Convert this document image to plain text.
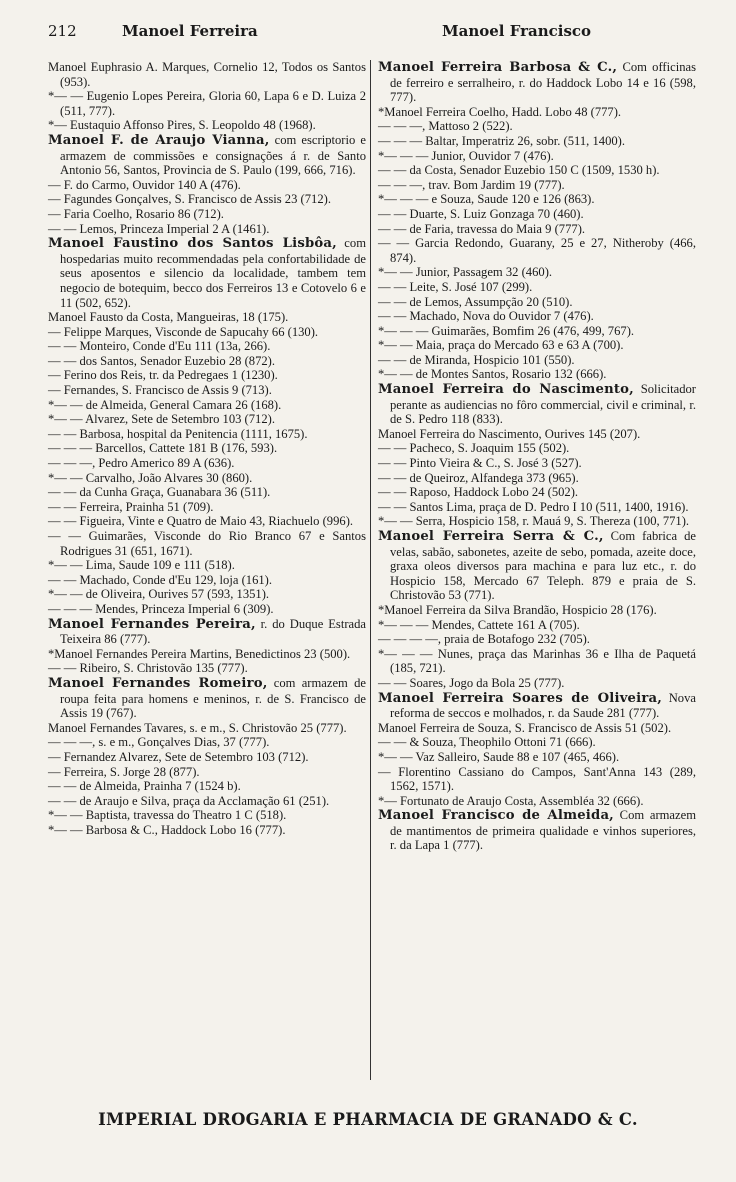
212	Manoel Ferreira	Manoel Francisco

Manoel Euphrasio A. Marques, Cornelio 12, Todos os Santos (953).

*— — Eugenio Lopes Pereira, Gloria 60, Lapa 6 e D. Luiza 2 (511, 777).

*— Eustaquio Affonso Pires, S. Leopoldo 48 (1968).

Manoel F. de Araujo Vianna, com escriptorio e armazem de commissões e consignações á r. de Santo Antonio 56, Santos, Provincia de S. Paulo (199, 666, 716).

— F. do Carmo, Ouvidor 140 A (476).

— Fagundes Gonçalves, S. Francisco de Assis 23 (712).

— Faria Coelho, Rosario 86 (712).

— — Lemos, Princeza Imperial 2 A (1461).

Manoel Faustino dos Santos Lisbôa, com hospedarias muito recommendadas pela confortabilidade de seus aposentos e silencio da localidade, tambem tem negocio de botequim, becco dos Ferreiros 13 e Cotovelo 6 e 11 (502, 652).

Manoel Fausto da Costa, Mangueiras, 18 (175).

— Felippe Marques, Visconde de Sapucahy 66 (130).

— — Monteiro, Conde d'Eu 111 (13a, 266).

— — dos Santos, Senador Euzebio 28 (872).

— Ferino dos Reis, tr. da Pedregaes 1 (1230).

— Fernandes, S. Francisco de Assis 9 (713).

*— — de Almeida, General Camara 26 (168).

*— — Alvarez, Sete de Setembro 103 (712).

— — Barbosa, hospital da Penitencia (1111, 1675).

— — — Barcellos, Cattete 181 B (176, 593).

— — —, Pedro Americo 89 A (636).

*— — Carvalho, João Alvares 30 (860).

— — da Cunha Graça, Guanabara 36 (511).

— — Ferreira, Prainha 51 (709).

— — Figueira, Vinte e Quatro de Maio 43, Riachuelo (996).

— — Guimarães, Visconde do Rio Branco 67 e Santos Rodrigues 31 (651, 1671).

*— — Lima, Saude 109 e 111 (518).

— — Machado, Conde d'Eu 129, loja (161).

*— — de Oliveira, Ourives 57 (593, 1351).

— — — Mendes, Princeza Imperial 6 (309).

Manoel Fernandes Pereira, r. do Duque Estrada Teixeira 86 (777).

*Manoel Fernandes Pereira Martins, Benedictinos 23 (500).

— — Ribeiro, S. Christovão 135 (777).

Manoel Fernandes Romeiro, com armazem de roupa feita para homens e meninos, r. de S. Francisco de Assis 19 (767).

Manoel Fernandes Tavares, s. e m., S. Christovão 25 (777).

— — —, s. e m., Gonçalves Dias, 37 (777).

— Fernandez Alvarez, Sete de Setembro 103 (712).

— Ferreira, S. Jorge 28 (877).

— — de Almeida, Prainha 7 (1524 b).

— — de Araujo e Silva, praça da Acclamação 61 (251).

*— — Baptista, travessa do Theatro 1 C (518).

*— — Barbosa & C., Haddock Lobo 16 (777).

Manoel Ferreira Barbosa & C., Com officinas de ferreiro e serralheiro, r. do Haddock Lobo 14 e 16 (598, 777).

*Manoel Ferreira Coelho, Hadd. Lobo 48 (777).

— — —, Mattoso 2 (522).

— — — Baltar, Imperatriz 26, sobr. (511, 1400).

*— — — Junior, Ouvidor 7 (476).

— — da Costa, Senador Euzebio 150 C (1509, 1530 h).

— — —, trav. Bom Jardim 19 (777).

*— — — e Souza, Saude 120 e 126 (863).

— — Duarte, S. Luiz Gonzaga 70 (460).

— — de Faria, travessa do Maia 9 (777).

— — Garcia Redondo, Guarany, 25 e 27, Nitheroby (466, 874).

*— — Junior, Passagem 32 (460).

— — Leite, S. José 107 (299).

— — de Lemos, Assumpção 20 (510).

— — Machado, Nova do Ouvidor 7 (476).

*— — — Guimarães, Bomfim 26 (476, 499, 767).

*— — Maia, praça do Mercado 63 e 63 A (700).

— — de Miranda, Hospicio 101 (550).

*— — de Montes Santos, Rosario 132 (666).

Manoel Ferreira do Nascimento, Solicitador perante as audiencias no fôro commercial, civil e criminal, r. de S. Pedro 118 (833).

Manoel Ferreira do Nascimento, Ourives 145 (207).

— — Pacheco, S. Joaquim 155 (502).

— — Pinto Vieira & C., S. José 3 (527).

— — de Queiroz, Alfandega 373 (965).

— — Raposo, Haddock Lobo 24 (502).

— — Santos Lima, praça de D. Pedro I 10 (511, 1400, 1916).

*— — Serra, Hospicio 158, r. Mauá 9, S. Thereza (100, 771).

Manoel Ferreira Serra & C., Com fabrica de velas, sabão, sabonetes, azeite de sebo, pomada, azeite doce, graxa oleos diversos para machina e para luz etc., r. do Hospicio 158, Mercado 67 Teleph. 879 e praia de S. Christovão 53 (771).

*Manoel Ferreira da Silva Brandão, Hospicio 28 (176).

*— — — Mendes, Cattete 161 A (705).

— — — —, praia de Botafogo 232 (705).

*— — — Nunes, praça das Marinhas 36 e Ilha de Paquetá (185, 721).

— — Soares, Jogo da Bola 25 (777).

Manoel Ferreira Soares de Oliveira, Nova reforma de seccos e molhados, r. da Saude 281 (777).

Manoel Ferreira de Souza, S. Francisco de Assis 51 (502).

— — & Souza, Theophilo Ottoni 71 (666).

*— — Vaz Salleiro, Saude 88 e 107 (465, 466).

— Florentino Cassiano do Campos, Sant'Anna 143 (289, 1562, 1571).

*— Fortunato de Araujo Costa, Assembléa 32 (666).

Manoel Francisco de Almeida, Com armazem de mantimentos de primeira qualidade e vinhos superiores, r. da Lapa 1 (777).

IMPERIAL DROGARIA E PHARMACIA DE GRANADO & C.
